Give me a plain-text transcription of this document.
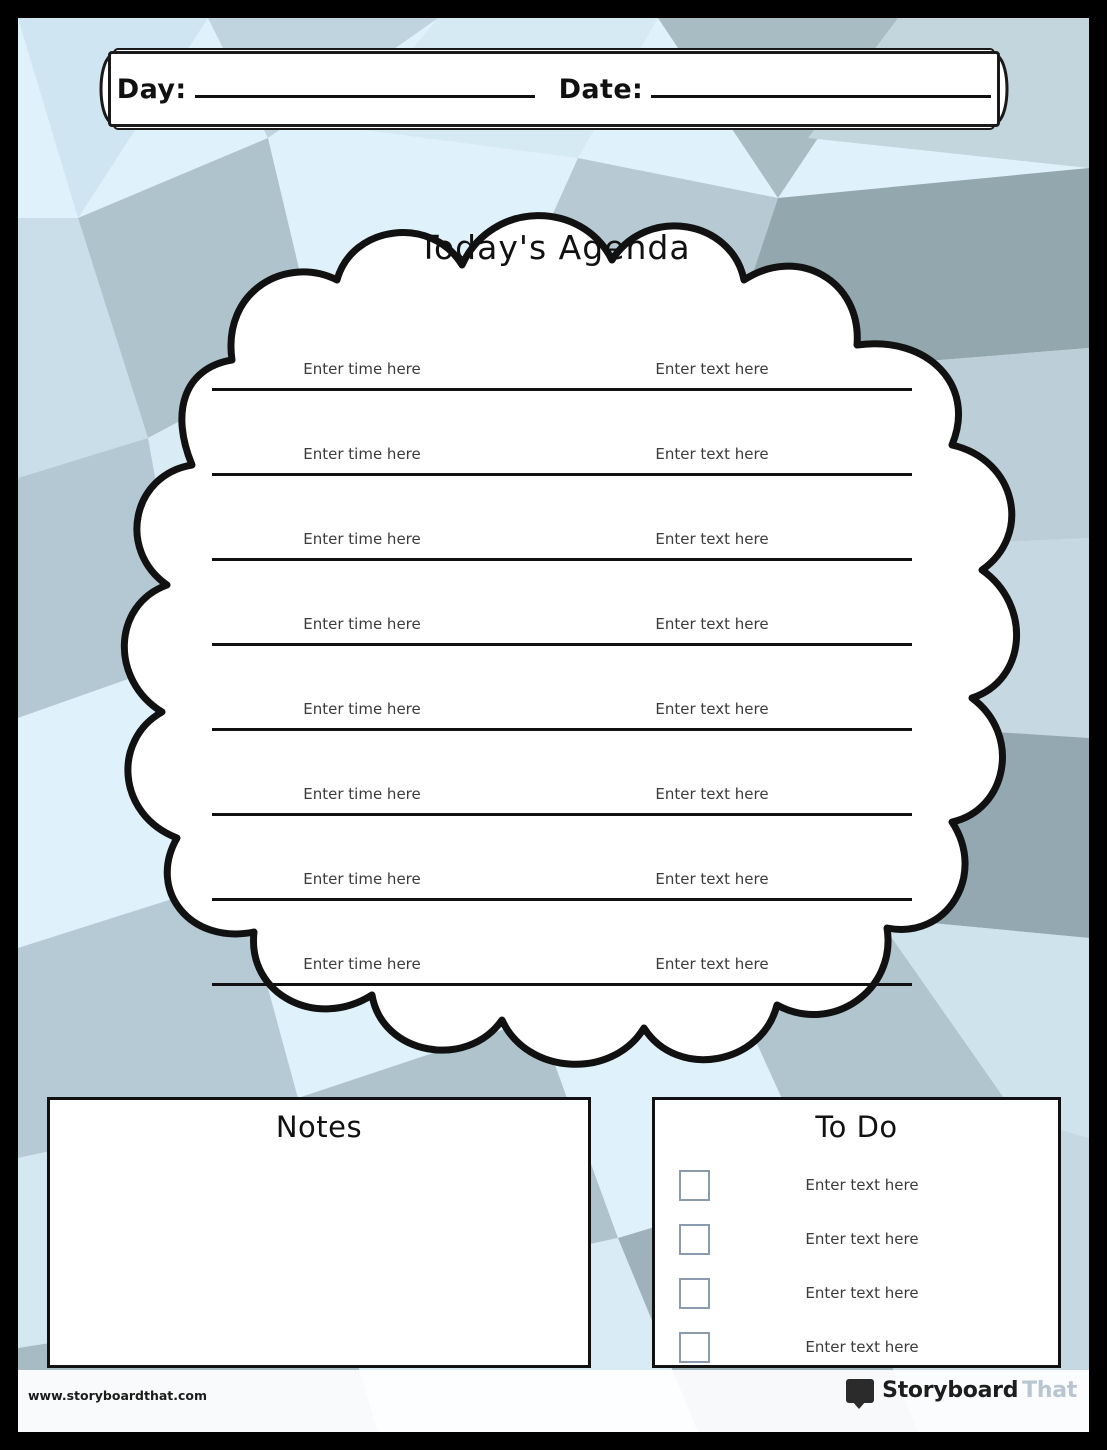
Day:	Date:
Today's Agenda
Enter time here	Enter text here
Enter time here	Enter text here
Enter time here	Enter text here
Enter time here	Enter text here
Enter time here	Enter text here
Enter time here	Enter text here
Enter time here	Enter text here
Enter time here	Enter text here
Notes	To Do
Enter text here
Enter text here
Enter text here
Enter text here
www.storyboardthat.com	Storyboard That
